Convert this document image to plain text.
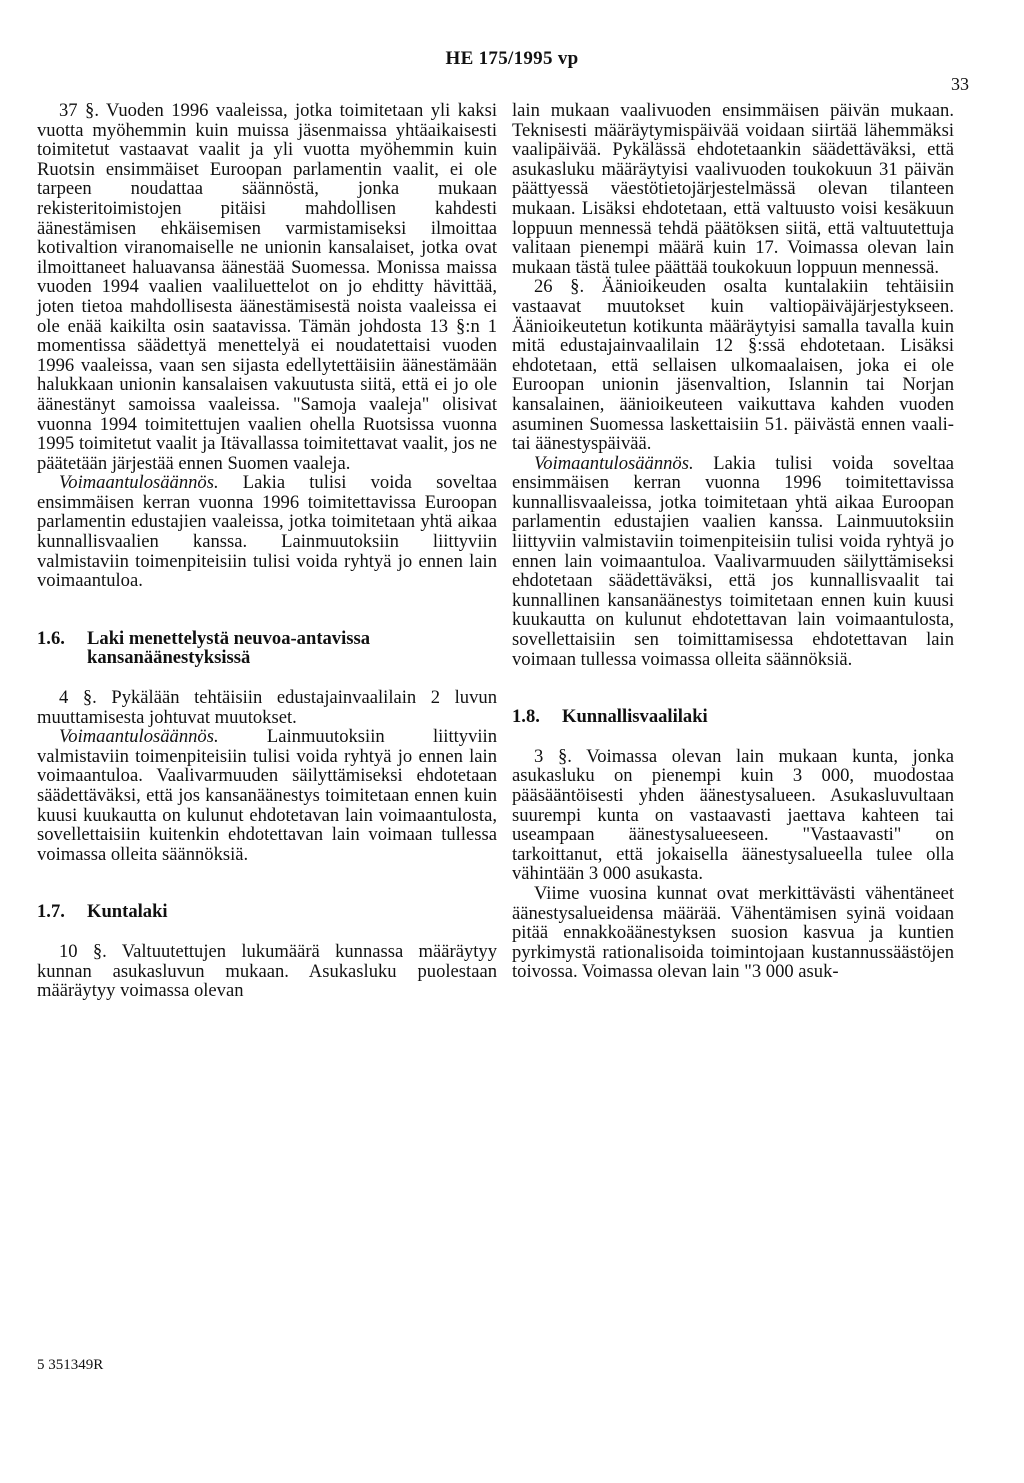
HE 175/1995 vp
33

37 §. Vuoden 1996 vaaleissa, jotka toimitetaan yli kaksi vuotta myöhemmin kuin muissa jäsenmaissa yhtäaikaisesti toimitetut vastaavat vaalit ja yli vuotta myöhemmin kuin Ruotsin ensimmäiset Euroopan parlamentin vaalit, ei ole tarpeen noudattaa säännöstä, jonka mukaan rekisteritoimistojen pitäisi mahdollisen kahdesti äänestämisen ehkäisemisen varmistamiseksi ilmoittaa kotivaltion viranomaiselle ne unionin kansalaiset, jotka ovat ilmoittaneet haluavansa äänestää Suomessa. Monissa maissa vuoden 1994 vaalien vaaliluettelot on jo ehditty hävittää, joten tietoa mahdollisesta äänestämisestä noista vaaleissa ei ole enää kaikilta osin saatavissa. Tämän johdosta 13 §:n 1 momentissa säädettyä menettelyä ei noudatettaisi vuoden 1996 vaaleissa, vaan sen sijasta edellytettäisiin äänestämään halukkaan unionin kansalaisen vakuutusta siitä, että ei jo ole äänestänyt samoissa vaaleissa. "Samoja vaaleja" olisivat vuonna 1994 toimitettujen vaalien ohella Ruotsissa vuonna 1995 toimitetut vaalit ja Itävallassa toimitettavat vaalit, jos ne päätetään järjestää ennen Suomen vaaleja.

Voimaantulosäännös. Lakia tulisi voida soveltaa ensimmäisen kerran vuonna 1996 toimitettavissa Euroopan parlamentin edustajien vaaleissa, jotka toimitetaan yhtä aikaa kunnallisvaalien kanssa. Lainmuutoksiin liittyviin valmistaviin toimenpiteisiin tulisi voida ryhtyä jo ennen lain voimaantuloa.

1.6.	Laki menettelystä neuvoa-antavissa kansanäänestyksissä

4 §. Pykälään tehtäisiin edustajainvaalilain 2 luvun muuttamisesta johtuvat muutokset.

Voimaantulosäännös. Lainmuutoksiin liittyviin valmistaviin toimenpiteisiin tulisi voida ryhtyä jo ennen lain voimaantuloa. Vaalivarmuuden säilyttämiseksi ehdotetaan säädettäväksi, että jos kansanäänestys toimitetaan ennen kuin kuusi kuukautta on kulunut ehdotetavan lain voimaantulosta, sovellettaisiin kuitenkin ehdotettavan lain voimaan tullessa voimassa olleita säännöksiä.

1.7.	Kuntalaki

10 §. Valtuutettujen lukumäärä kunnassa määräytyy kunnan asukasluvun mukaan. Asukasluku puolestaan määräytyy voimassa olevan

lain mukaan vaalivuoden ensimmäisen päivän mukaan. Teknisesti määräytymispäivää voidaan siirtää lähemmäksi vaalipäivää. Pykälässä ehdotetaankin säädettäväksi, että asukasluku määräytyisi vaalivuoden toukokuun 31 päivän päättyessä väestötietojärjestelmässä olevan tilanteen mukaan. Lisäksi ehdotetaan, että valtuusto voisi kesäkuun loppuun mennessä tehdä päätöksen siitä, että valtuutettuja valitaan pienempi määrä kuin 17. Voimassa olevan lain mukaan tästä tulee päättää toukokuun loppuun mennessä.

26 §. Äänioikeuden osalta kuntalakiin tehtäisiin vastaavat muutokset kuin valtiopäiväjärjestykseen. Äänioikeutetun kotikunta määräytyisi samalla tavalla kuin mitä edustajainvaalilain 12 §:ssä ehdotetaan. Lisäksi ehdotetaan, että sellaisen ulkomaalaisen, joka ei ole Euroopan unionin jäsenvaltion, Islannin tai Norjan kansalainen, äänioikeuteen vaikuttava kahden vuoden asuminen Suomessa laskettaisiin 51. päivästä ennen vaali- tai äänestyspäivää.

Voimaantulosäännös. Lakia tulisi voida soveltaa ensimmäisen kerran vuonna 1996 toimitettavissa kunnallisvaaleissa, jotka toimitetaan yhtä aikaa Euroopan parlamentin edustajien vaalien kanssa. Lainmuutoksiin liittyviin valmistaviin toimenpiteisiin tulisi voida ryhtyä jo ennen lain voimaantuloa. Vaalivarmuuden säilyttämiseksi ehdotetaan säädettäväksi, että jos kunnallisvaalit tai kunnallinen kansanäänestys toimitetaan ennen kuin kuusi kuukautta on kulunut ehdotettavan lain voimaantulosta, sovellettaisiin sen toimittamisessa ehdotettavan lain voimaan tullessa voimassa olleita säännöksiä.

1.8.	Kunnallisvaalilaki

3 §. Voimassa olevan lain mukaan kunta, jonka asukasluku on pienempi kuin 3 000, muodostaa pääsääntöisesti yhden äänestysalueen. Asukasluvultaan suurempi kunta on vastaavasti jaettava kahteen tai useampaan äänestysalueeseen. "Vastaavasti" on tarkoittanut, että jokaisella äänestysalueella tulee olla vähintään 3 000 asukasta.

Viime vuosina kunnat ovat merkittävästi vähentäneet äänestysalueidensa määrää. Vähentämisen syinä voidaan pitää ennakkoäänestyksen suosion kasvua ja kuntien pyrkimystä rationalisoida toimintojaan kustannussäästöjen toivossa. Voimassa olevan lain "3 000 asuk-

5 351349R
